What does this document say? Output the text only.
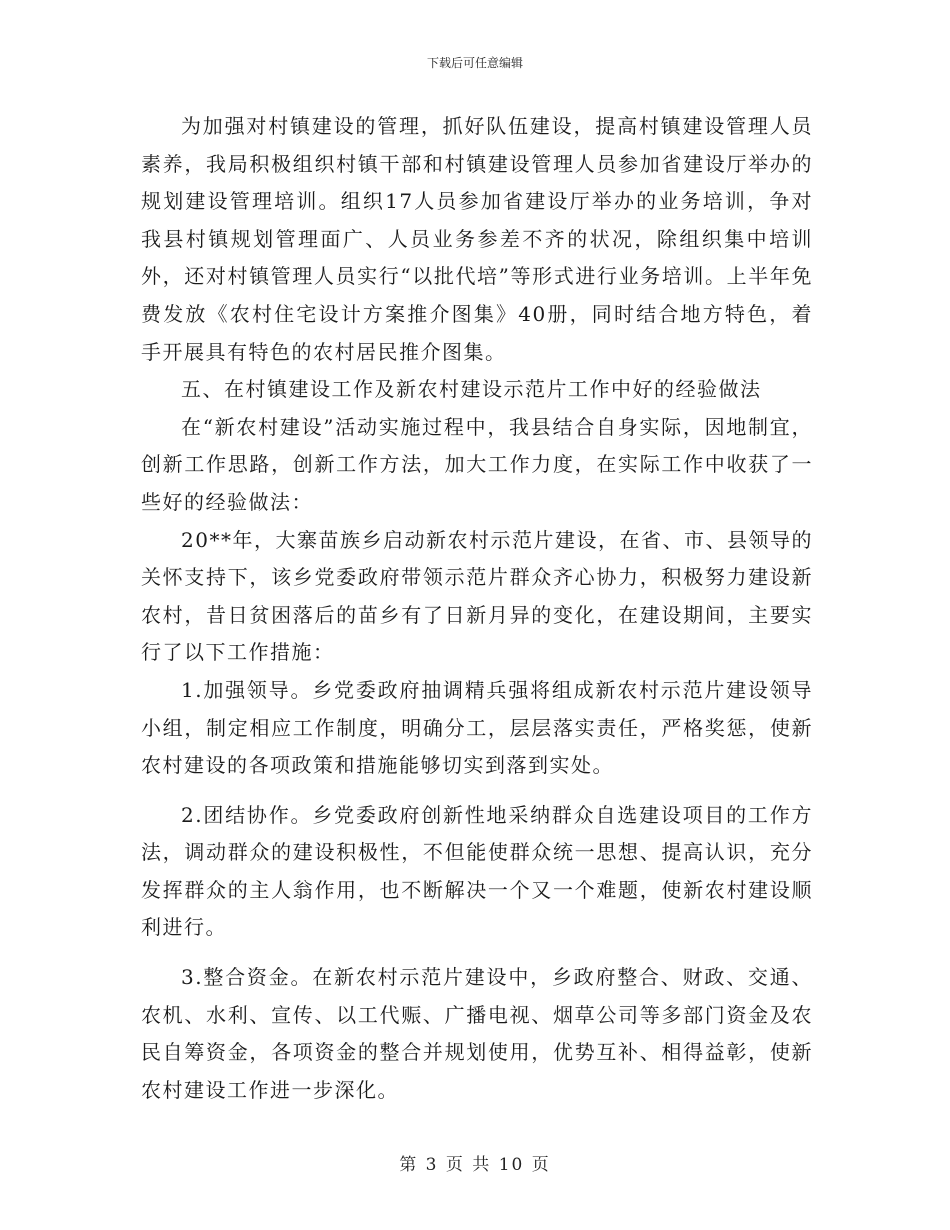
下载后可任意编辑

为加强对村镇建设的管理，抓好队伍建设，提高村镇建设管理人员素养，我局积极组织村镇干部和村镇建设管理人员参加省建设厅举办的规划建设管理培训。组织17人员参加省建设厅举办的业务培训，争对我县村镇规划管理面广、人员业务参差不齐的状况，除组织集中培训外，还对村镇管理人员实行“以批代培”等形式进行业务培训。上半年免费发放《农村住宅设计方案推介图集》40册，同时结合地方特色，着手开展具有特色的农村居民推介图集。

五、在村镇建设工作及新农村建设示范片工作中好的经验做法

在“新农村建设”活动实施过程中，我县结合自身实际，因地制宜，创新工作思路，创新工作方法，加大工作力度，在实际工作中收获了一些好的经验做法：

20**年，大寨苗族乡启动新农村示范片建设，在省、市、县领导的关怀支持下，该乡党委政府带领示范片群众齐心协力，积极努力建设新农村，昔日贫困落后的苗乡有了日新月异的变化，在建设期间，主要实行了以下工作措施：

1.加强领导。乡党委政府抽调精兵强将组成新农村示范片建设领导小组，制定相应工作制度，明确分工，层层落实责任，严格奖惩，使新农村建设的各项政策和措施能够切实到落到实处。

2.团结协作。乡党委政府创新性地采纳群众自选建设项目的工作方法，调动群众的建设积极性，不但能使群众统一思想、提高认识，充分发挥群众的主人翁作用，也不断解决一个又一个难题，使新农村建设顺利进行。

3.整合资金。在新农村示范片建设中，乡政府整合、财政、交通、农机、水利、宣传、以工代赈、广播电视、烟草公司等多部门资金及农民自筹资金，各项资金的整合并规划使用，优势互补、相得益彰，使新农村建设工作进一步深化。

第 3 页 共 10 页
